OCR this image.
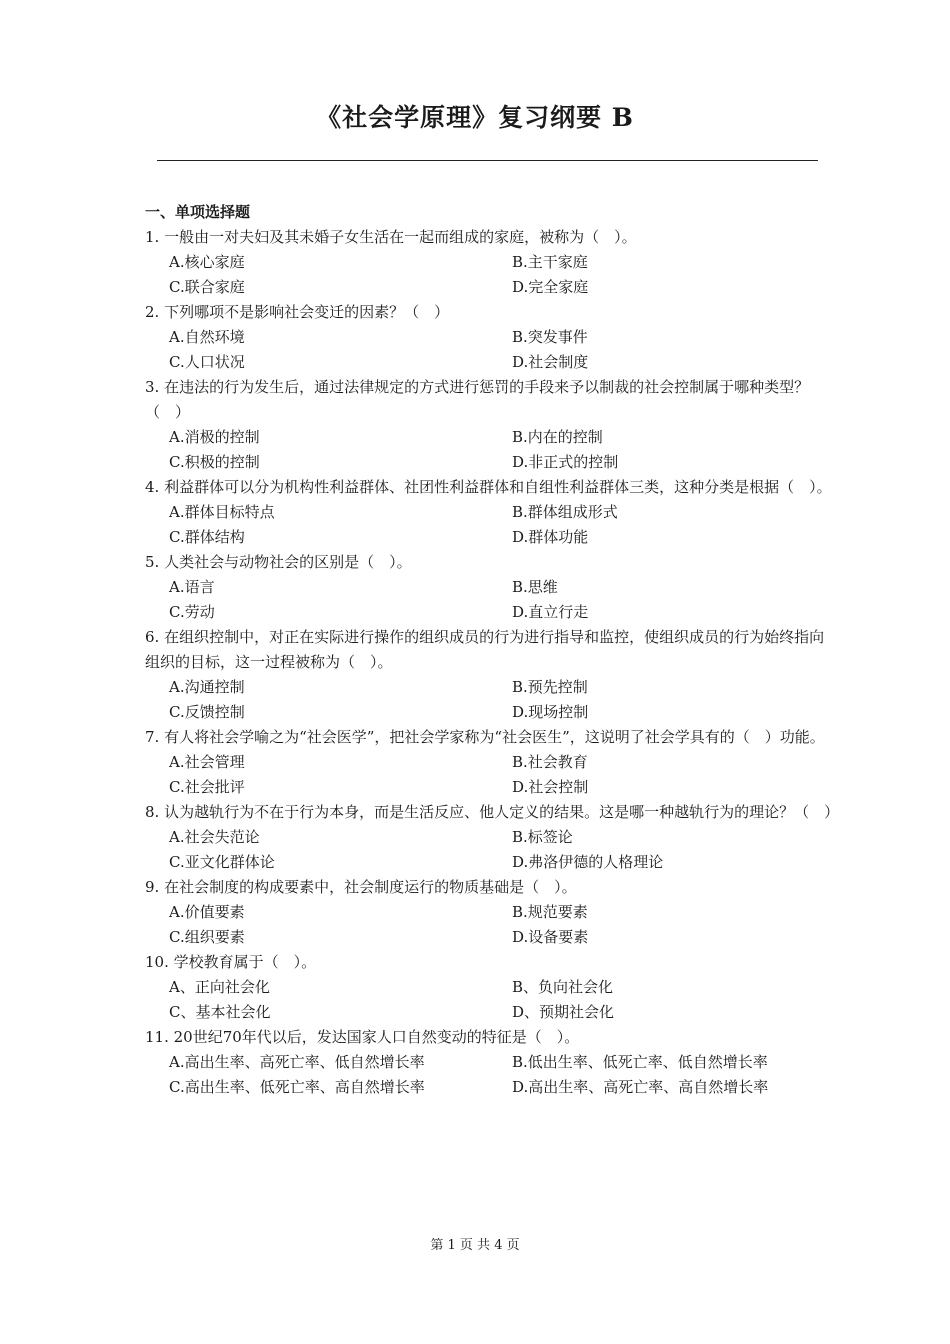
《社会学原理》复习纲要 B
一、单项选择题
1. 一般由一对夫妇及其未婚子女生活在一起而组成的家庭，被称为（　）。
A.核心家庭	B.主干家庭
C.联合家庭	D.完全家庭
2. 下列哪项不是影响社会变迁的因素？（　）
A.自然环境	B.突发事件
C.人口状况	D.社会制度
3. 在违法的行为发生后，通过法律规定的方式进行惩罚的手段来予以制裁的社会控制属于哪种类型？（　）
A.消极的控制	B.内在的控制
C.积极的控制	D.非正式的控制
4. 利益群体可以分为机构性利益群体、社团性利益群体和自组性利益群体三类，这种分类是根据（　）。
A.群体目标特点	B.群体组成形式
C.群体结构	D.群体功能
5. 人类社会与动物社会的区别是（　）。
A.语言	B.思维
C.劳动	D.直立行走
6. 在组织控制中，对正在实际进行操作的组织成员的行为进行指导和监控，使组织成员的行为始终指向组织的目标，这一过程被称为（　）。
A.沟通控制	B.预先控制
C.反馈控制	D.现场控制
7. 有人将社会学喻之为“社会医学”，把社会学家称为“社会医生”，这说明了社会学具有的（　）功能。
A.社会管理	B.社会教育
C.社会批评	D.社会控制
8. 认为越轨行为不在于行为本身，而是生活反应、他人定义的结果。这是哪一种越轨行为的理论？（　）
A.社会失范论	B.标签论
C.亚文化群体论	D.弗洛伊德的人格理论
9. 在社会制度的构成要素中，社会制度运行的物质基础是（　）。
A.价值要素	B.规范要素
C.组织要素	D.设备要素
10. 学校教育属于（　）。
A、正向社会化	B、负向社会化
C、基本社会化	D、预期社会化
11. 20世纪70年代以后，发达国家人口自然变动的特征是（　）。
A.高出生率、高死亡率、低自然增长率	B.低出生率、低死亡率、低自然增长率
C.高出生率、低死亡率、高自然增长率	D.高出生率、高死亡率、高自然增长率
第 1 页 共 4 页
